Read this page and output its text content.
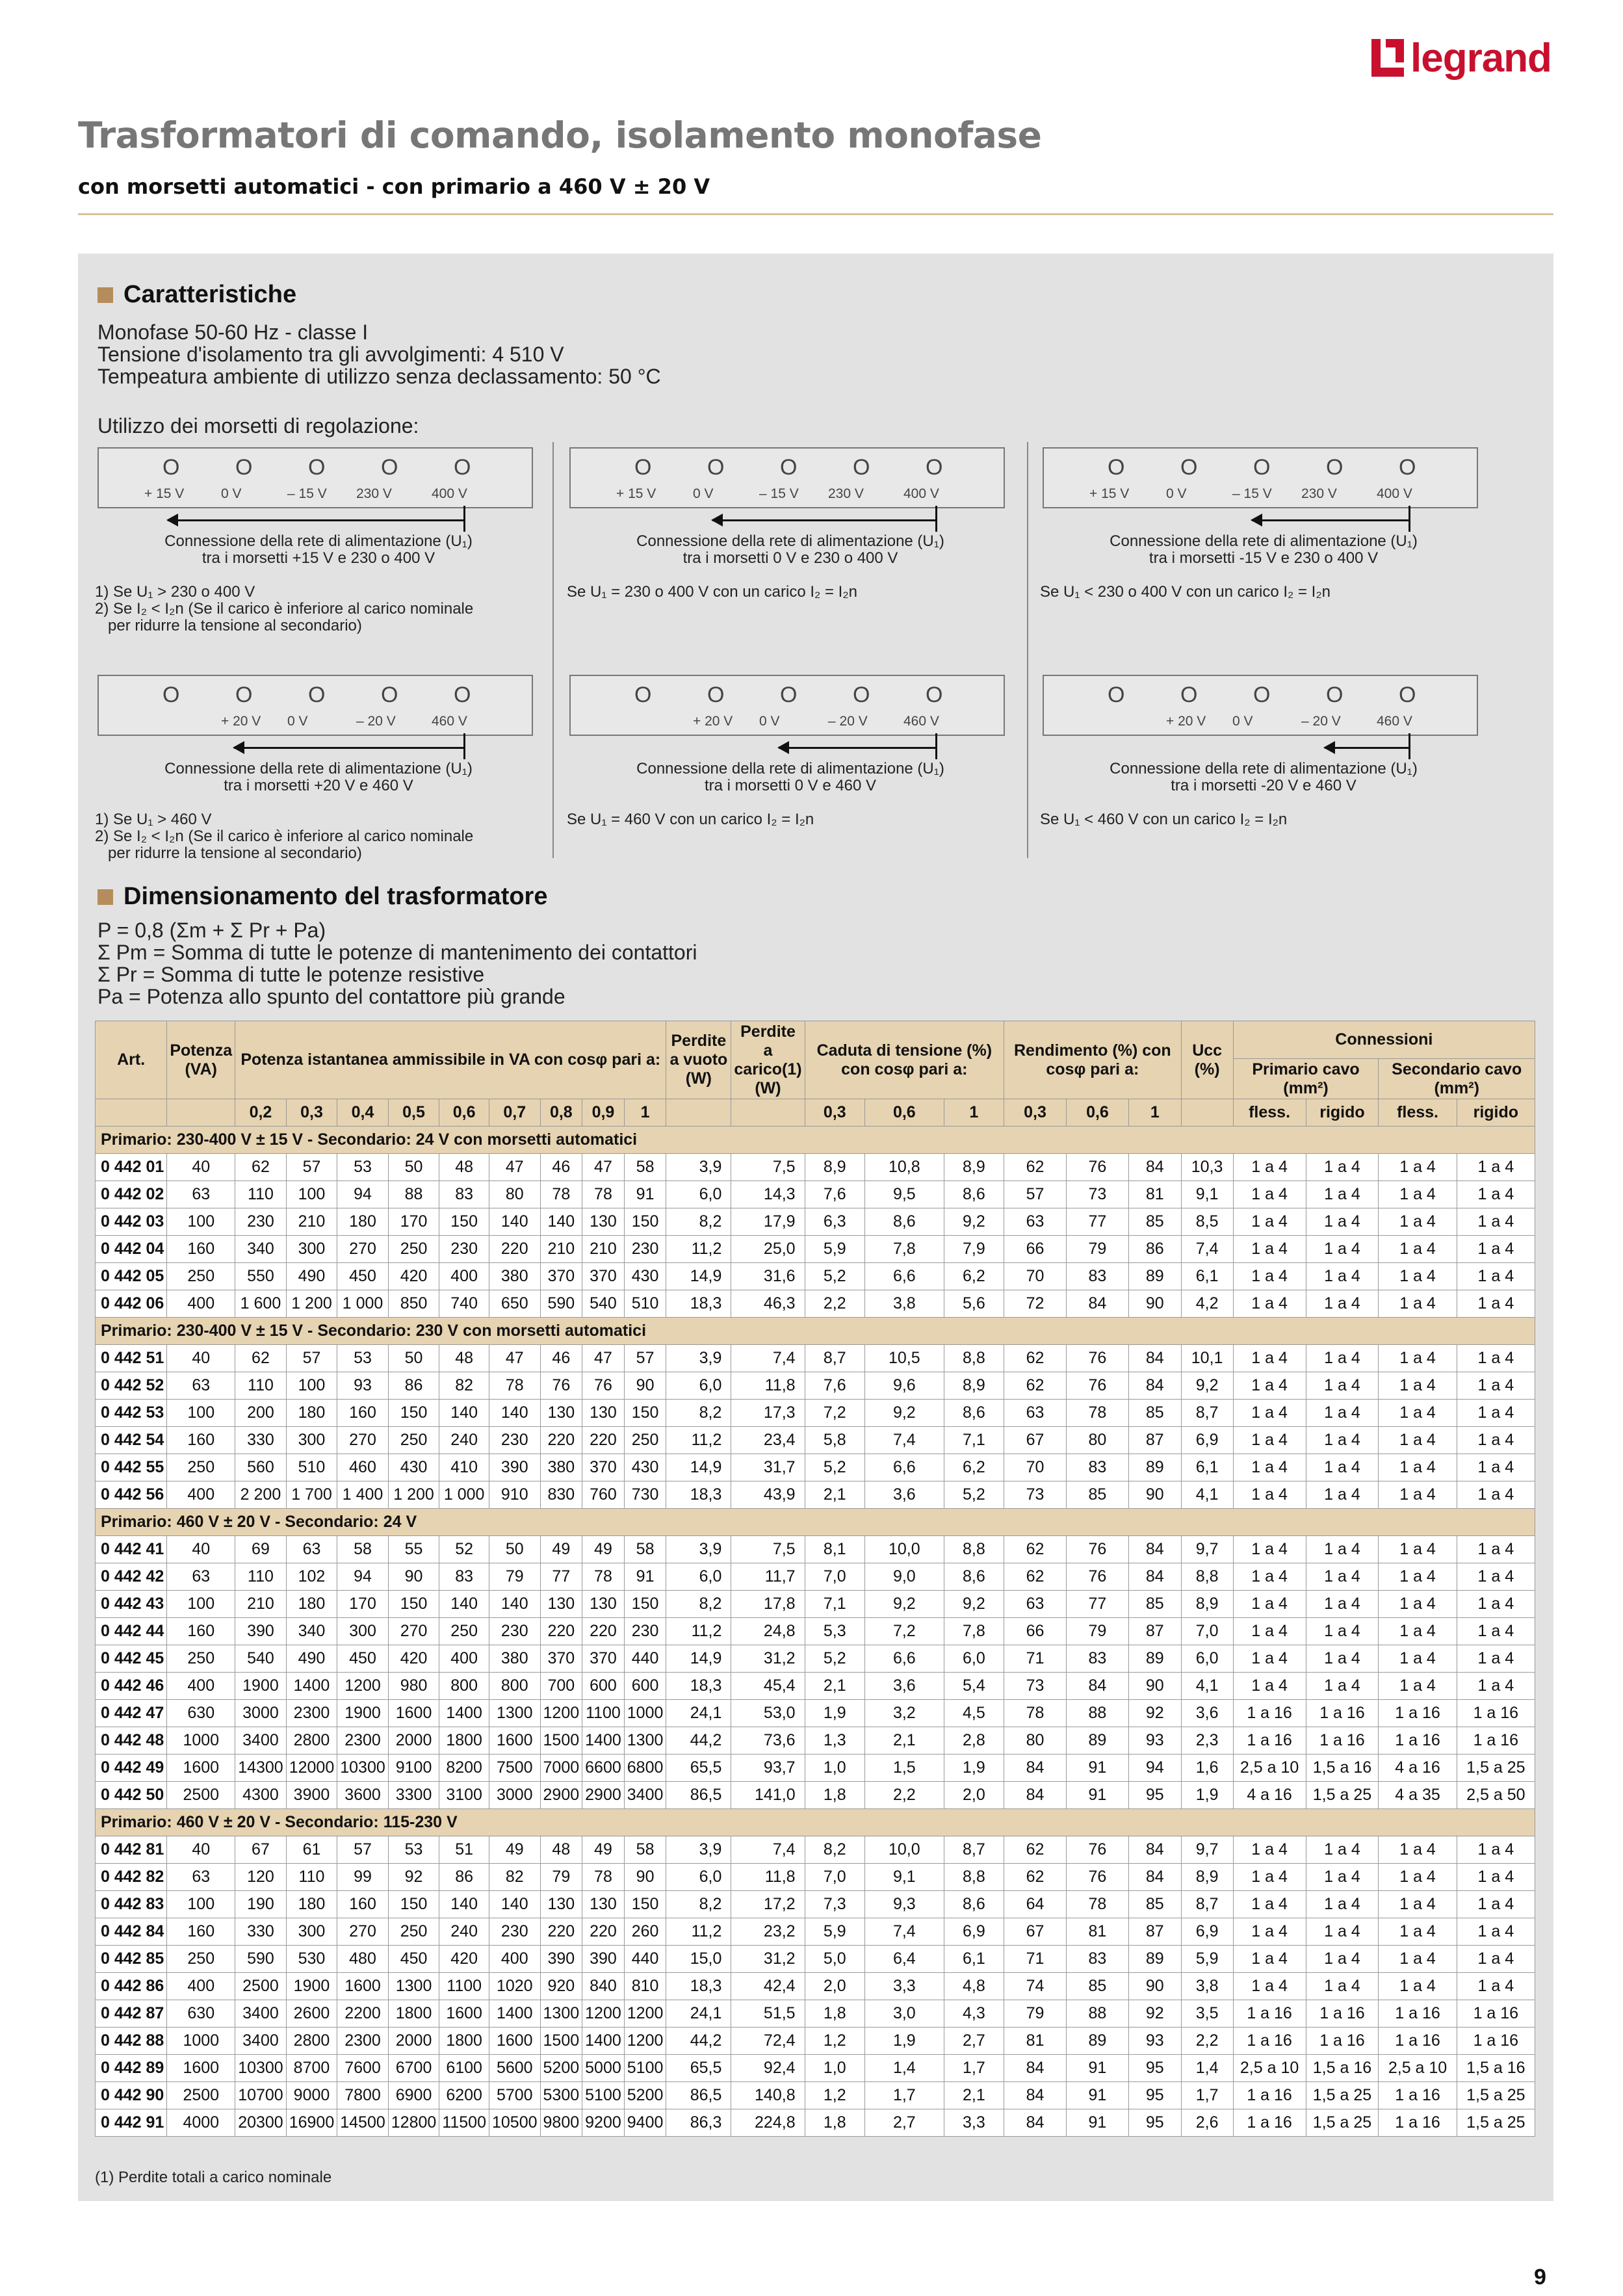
legrand
Trasformatori di comando, isolamento monofase
con morsetti automatici - con primario a 460 V ± 20 V
Caratteristiche
Monofase 50-60 Hz - classe I
Tensione d'isolamento tra gli avvolgimenti: 4 510 V
Tempeatura ambiente di utilizzo senza declassamento: 50 °C
Utilizzo dei morsetti di regolazione:
O	O	O	O	O
+ 15 V	0 V	– 15 V 230 V	400 V
Connessione della rete di alimentazione (U₁)
tra i morsetti +15 V e 230 o 400 V
1) Se U₁ > 230 o 400 V
2) Se I₂ < I₂n (Se il carico è inferiore al carico nominale
per ridurre la tensione al secondario)
O	O	O	O	O
+ 15 V	0 V	– 15 V 230 V	400 V
Connessione della rete di alimentazione (U₁)
tra i morsetti 0 V e 230 o 400 V
Se U₁ = 230 o 400 V con un carico I₂ = I₂n
O	O	O	O	O
+ 15 V	0 V	– 15 V 230 V	400 V
Connessione della rete di alimentazione (U₁)
tra i morsetti -15 V e 230 o 400 V
Se U₁ < 230 o 400 V con un carico I₂ = I₂n
O	O	O	O	O
+ 20 V 0 V	– 20 V	460 V
Connessione della rete di alimentazione (U₁)
tra i morsetti +20 V e 460 V
1) Se U₁ > 460 V
2) Se I₂ < I₂n (Se il carico è inferiore al carico nominale
per ridurre la tensione al secondario)
O	O	O	O	O
+ 20 V 0 V	– 20 V	460 V
Connessione della rete di alimentazione (U₁)
tra i morsetti 0 V e 460 V
Se U₁ = 460 V con un carico I₂ = I₂n
O	O	O	O	O
+ 20 V 0 V	– 20 V	460 V
Connessione della rete di alimentazione (U₁)
tra i morsetti -20 V e 460 V
Se U₁ < 460 V con un carico I₂ = I₂n
Dimensionamento del trasformatore
P = 0,8 (Σm + Σ Pr + Pa)
Σ Pm = Somma di tutte le potenze di mantenimento dei contattori
Σ Pr = Somma di tutte le potenze resistive
Pa = Potenza allo spunto del contattore più grande
Art.	Potenza (VA)	Potenza istantanea ammissibile in VA con cosφ pari a:									Perdite a vuoto (W)	Perdite a carico(1) (W)	Caduta di tensione (%) con cosφ pari a:			Rendimento (%) con cosφ pari a:			Ucc (%)	Connessioni			
																				Primario cavo (mm²)		Secondario cavo (mm²)	
		0,2	0,3	0,4	0,5	0,6	0,7	0,8	0,9	1			0,3	0,6	1	0,3	0,6	1		fless.	rigido	fless.	rigido
Primario: 230-400 V ± 15 V - Secondario: 24 V con morsetti automatici																							
0 442 01	40	62	57	53	50	48	47	46	47	58	3,9	7,5	8,9	10,8	8,9	62	76	84	10,3	1 a 4	1 a 4	1 a 4	1 a 4
0 442 02	63	110	100	94	88	83	80	78	78	91	6,0	14,3	7,6	9,5	8,6	57	73	81	9,1	1 a 4	1 a 4	1 a 4	1 a 4
0 442 03	100	230	210	180	170	150	140	140	130	150	8,2	17,9	6,3	8,6	9,2	63	77	85	8,5	1 a 4	1 a 4	1 a 4	1 a 4
0 442 04	160	340	300	270	250	230	220	210	210	230	11,2	25,0	5,9	7,8	7,9	66	79	86	7,4	1 a 4	1 a 4	1 a 4	1 a 4
0 442 05	250	550	490	450	420	400	380	370	370	430	14,9	31,6	5,2	6,6	6,2	70	83	89	6,1	1 a 4	1 a 4	1 a 4	1 a 4
0 442 06	400	1 600	1 200	1 000	850	740	650	590	540	510	18,3	46,3	2,2	3,8	5,6	72	84	90	4,2	1 a 4	1 a 4	1 a 4	1 a 4
Primario: 230-400 V ± 15 V - Secondario: 230 V con morsetti automatici																							
0 442 51	40	62	57	53	50	48	47	46	47	57	3,9	7,4	8,7	10,5	8,8	62	76	84	10,1	1 a 4	1 a 4	1 a 4	1 a 4
0 442 52	63	110	100	93	86	82	78	76	76	90	6,0	11,8	7,6	9,6	8,9	62	76	84	9,2	1 a 4	1 a 4	1 a 4	1 a 4
0 442 53	100	200	180	160	150	140	140	130	130	150	8,2	17,3	7,2	9,2	8,6	63	78	85	8,7	1 a 4	1 a 4	1 a 4	1 a 4
0 442 54	160	330	300	270	250	240	230	220	220	250	11,2	23,4	5,8	7,4	7,1	67	80	87	6,9	1 a 4	1 a 4	1 a 4	1 a 4
0 442 55	250	560	510	460	430	410	390	380	370	430	14,9	31,7	5,2	6,6	6,2	70	83	89	6,1	1 a 4	1 a 4	1 a 4	1 a 4
0 442 56	400	2 200	1 700	1 400	1 200	1 000	910	830	760	730	18,3	43,9	2,1	3,6	5,2	73	85	90	4,1	1 a 4	1 a 4	1 a 4	1 a 4
Primario: 460 V ± 20 V - Secondario: 24 V																							
0 442 41	40	69	63	58	55	52	50	49	49	58	3,9	7,5	8,1	10,0	8,8	62	76	84	9,7	1 a 4	1 a 4	1 a 4	1 a 4
0 442 42	63	110	102	94	90	83	79	77	78	91	6,0	11,7	7,0	9,0	8,6	62	76	84	8,8	1 a 4	1 a 4	1 a 4	1 a 4
0 442 43	100	210	180	170	150	140	140	130	130	150	8,2	17,8	7,1	9,2	9,2	63	77	85	8,9	1 a 4	1 a 4	1 a 4	1 a 4
0 442 44	160	390	340	300	270	250	230	220	220	230	11,2	24,8	5,3	7,2	7,8	66	79	87	7,0	1 a 4	1 a 4	1 a 4	1 a 4
0 442 45	250	540	490	450	420	400	380	370	370	440	14,9	31,2	5,2	6,6	6,0	71	83	89	6,0	1 a 4	1 a 4	1 a 4	1 a 4
0 442 46	400	1900	1400	1200	980	800	800	700	600	600	18,3	45,4	2,1	3,6	5,4	73	84	90	4,1	1 a 4	1 a 4	1 a 4	1 a 4
0 442 47	630	3000	2300	1900	1600	1400	1300	1200	1100	1000	24,1	53,0	1,9	3,2	4,5	78	88	92	3,6	1 a 16	1 a 16	1 a 16	1 a 16
0 442 48	1000	3400	2800	2300	2000	1800	1600	1500	1400	1300	44,2	73,6	1,3	2,1	2,8	80	89	93	2,3	1 a 16	1 a 16	1 a 16	1 a 16
0 442 49	1600	14300	12000	10300	9100	8200	7500	7000	6600	6800	65,5	93,7	1,0	1,5	1,9	84	91	94	1,6	2,5 a 10	1,5 a 16	4 a 16	1,5 a 25
0 442 50	2500	4300	3900	3600	3300	3100	3000	2900	2900	3400	86,5	141,0	1,8	2,2	2,0	84	91	95	1,9	4 a 16	1,5 a 25	4 a 35	2,5 a 50
Primario: 460 V ± 20 V - Secondario: 115-230 V																							
0 442 81	40	67	61	57	53	51	49	48	49	58	3,9	7,4	8,2	10,0	8,7	62	76	84	9,7	1 a 4	1 a 4	1 a 4	1 a 4
0 442 82	63	120	110	99	92	86	82	79	78	90	6,0	11,8	7,0	9,1	8,8	62	76	84	8,9	1 a 4	1 a 4	1 a 4	1 a 4
0 442 83	100	190	180	160	150	140	140	130	130	150	8,2	17,2	7,3	9,3	8,6	64	78	85	8,7	1 a 4	1 a 4	1 a 4	1 a 4
0 442 84	160	330	300	270	250	240	230	220	220	260	11,2	23,2	5,9	7,4	6,9	67	81	87	6,9	1 a 4	1 a 4	1 a 4	1 a 4
0 442 85	250	590	530	480	450	420	400	390	390	440	15,0	31,2	5,0	6,4	6,1	71	83	89	5,9	1 a 4	1 a 4	1 a 4	1 a 4
0 442 86	400	2500	1900	1600	1300	1100	1020	920	840	810	18,3	42,4	2,0	3,3	4,8	74	85	90	3,8	1 a 4	1 a 4	1 a 4	1 a 4
0 442 87	630	3400	2600	2200	1800	1600	1400	1300	1200	1200	24,1	51,5	1,8	3,0	4,3	79	88	92	3,5	1 a 16	1 a 16	1 a 16	1 a 16
0 442 88	1000	3400	2800	2300	2000	1800	1600	1500	1400	1200	44,2	72,4	1,2	1,9	2,7	81	89	93	2,2	1 a 16	1 a 16	1 a 16	1 a 16
0 442 89	1600	10300	8700	7600	6700	6100	5600	5200	5000	5100	65,5	92,4	1,0	1,4	1,7	84	91	95	1,4	2,5 a 10	1,5 a 16	2,5 a 10	1,5 a 16
0 442 90	2500	10700	9000	7800	6900	6200	5700	5300	5100	5200	86,5	140,8	1,2	1,7	2,1	84	91	95	1,7	1 a 16	1,5 a 25	1 a 16	1,5 a 25
0 442 91	4000	20300	16900	14500	12800	11500	10500	9800	9200	9400	86,3	224,8	1,8	2,7	3,3	84	91	95	2,6	1 a 16	1,5 a 25	1 a 16	1,5 a 25
(1) Perdite totali a carico nominale
9
